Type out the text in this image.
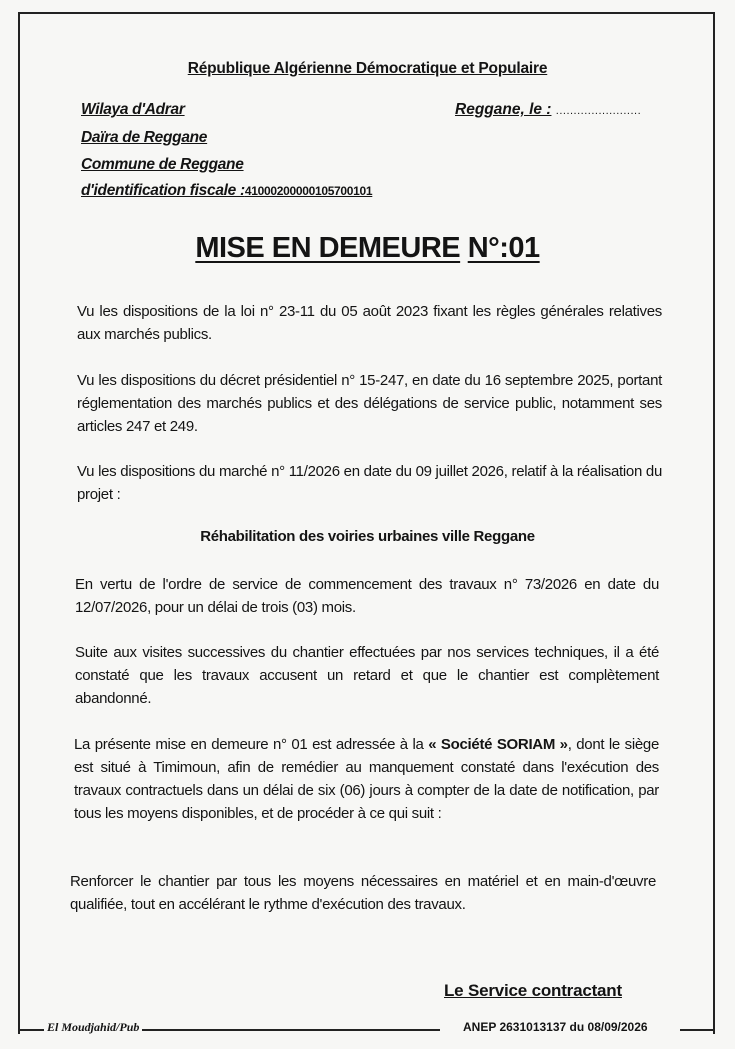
République Algérienne Démocratique et Populaire
Wilaya d'Adrar
Daïra de Reggane
Commune de Reggane
d'identification fiscale :41000200000105700101
Reggane, le : ........................
MISE EN DEMEURE N°:01
Vu les dispositions de la loi n° 23-11 du 05 août 2023 fixant les règles générales relatives aux marchés publics.
Vu les dispositions du décret présidentiel n° 15-247, en date du 16 septembre 2025, portant réglementation des marchés publics et des délégations de service public, notamment ses articles 247 et 249.
Vu les dispositions du marché n° 11/2026 en date du 09 juillet 2026, relatif à la réalisation du projet :
Réhabilitation des voiries urbaines ville Reggane
En vertu de l'ordre de service de commencement des travaux n° 73/2026 en date du 12/07/2026, pour un délai de trois (03) mois.
Suite aux visites successives du chantier effectuées par nos services techniques, il a été constaté que les travaux accusent un retard et que le chantier est complètement abandonné.
La présente mise en demeure n° 01 est adressée à la « Société SORIAM », dont le siège est situé à Timimoun, afin de remédier au manquement constaté dans l'exécution des travaux contractuels dans un délai de six (06) jours à compter de la date de notification, par tous les moyens disponibles, et de procéder à ce qui suit :
Renforcer le chantier par tous les moyens nécessaires en matériel et en main-d'œuvre qualifiée, tout en accélérant le rythme d'exécution des travaux.
Le Service contractant
El Moudjahid/Pub	ANEP 2631013137 du 08/09/2026
